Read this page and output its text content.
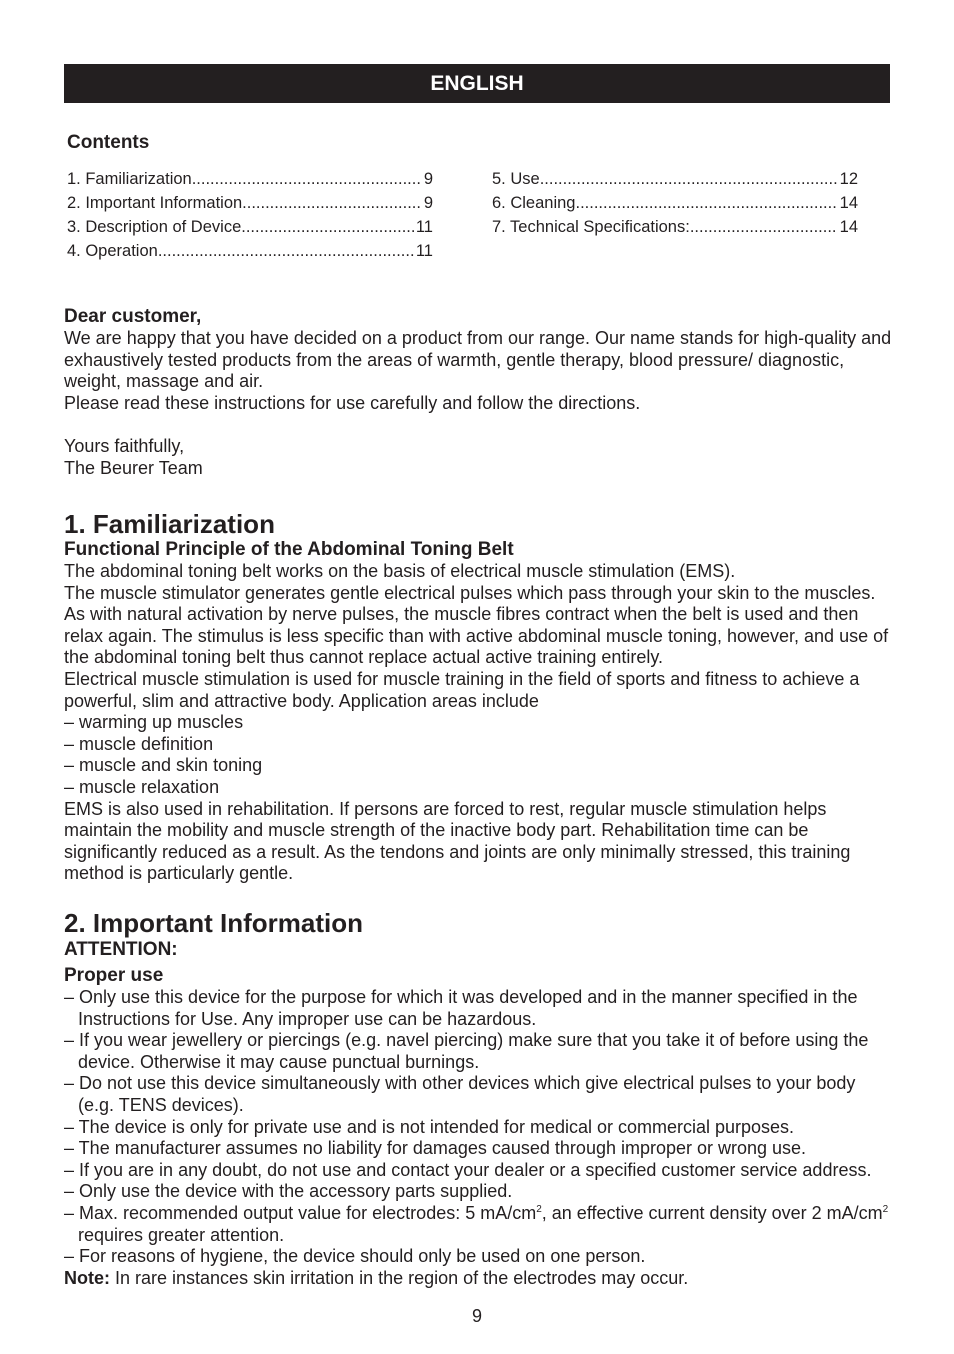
ENGLISH
Contents
1. Familiarization .....	9
2. Important Information .....	9
3. Description of Device .....	11
4. Operation .....	11
5. Use .....	12
6. Cleaning .....	14
7. Technical Specifications: .....	14

Dear customer,

We are happy that you have decided on a product from our range. Our name stands for high-quality and exhaustively tested products from the areas of warmth, gentle therapy, blood pressure/ diagnostic, weight, massage and air.

Please read these instructions for use carefully and follow the directions.

Yours faithfully,

The Beurer Team

1. Familiarization

Functional Principle of the Abdominal Toning Belt

The abdominal toning belt works on the basis of electrical muscle stimulation (EMS).

The muscle stimulator generates gentle electrical pulses which pass through your skin to the muscles. As with natural activation by nerve pulses, the muscle fibres contract when the belt is used and then relax again. The stimulus is less specific than with active abdominal muscle toning, however, and use of the abdominal toning belt thus cannot replace actual active training entirely.

Electrical muscle stimulation is used for muscle training in the field of sports and fitness to achieve a powerful, slim and attractive body. Application areas include

– warming up muscles

– muscle definition

– muscle and skin toning

– muscle relaxation

EMS is also used in rehabilitation. If persons are forced to rest, regular muscle stimulation helps maintain the mobility and muscle strength of the inactive body part. Rehabilitation time can be significantly reduced as a result. As the tendons and joints are only minimally stressed, this training method is particularly gentle.

2. Important Information

ATTENTION:

Proper use

– Only use this device for the purpose for which it was developed and in the manner specified in the Instructions for Use. Any improper use can be hazardous.

– If you wear jewellery or piercings (e.g. navel piercing) make sure that you take it of before using the device. Otherwise it may cause punctual burnings.

– Do not use this device simultaneously with other devices which give electrical pulses to your body (e.g. TENS devices).

– The device is only for private use and is not intended for medical or commercial purposes.

– The manufacturer assumes no liability for damages caused through improper or wrong use.

– If you are in any doubt, do not use and contact your dealer or a specified customer service address.

– Only use the device with the accessory parts supplied.

– Max. recommended output value for electrodes: 5 $mA/cm^2$, an effective current density over 2 $mA/cm^2$ requires greater attention.

– For reasons of hygiene, the device should only be used on one person.

Note: In rare instances skin irritation in the region of the electrodes may occur.

9
